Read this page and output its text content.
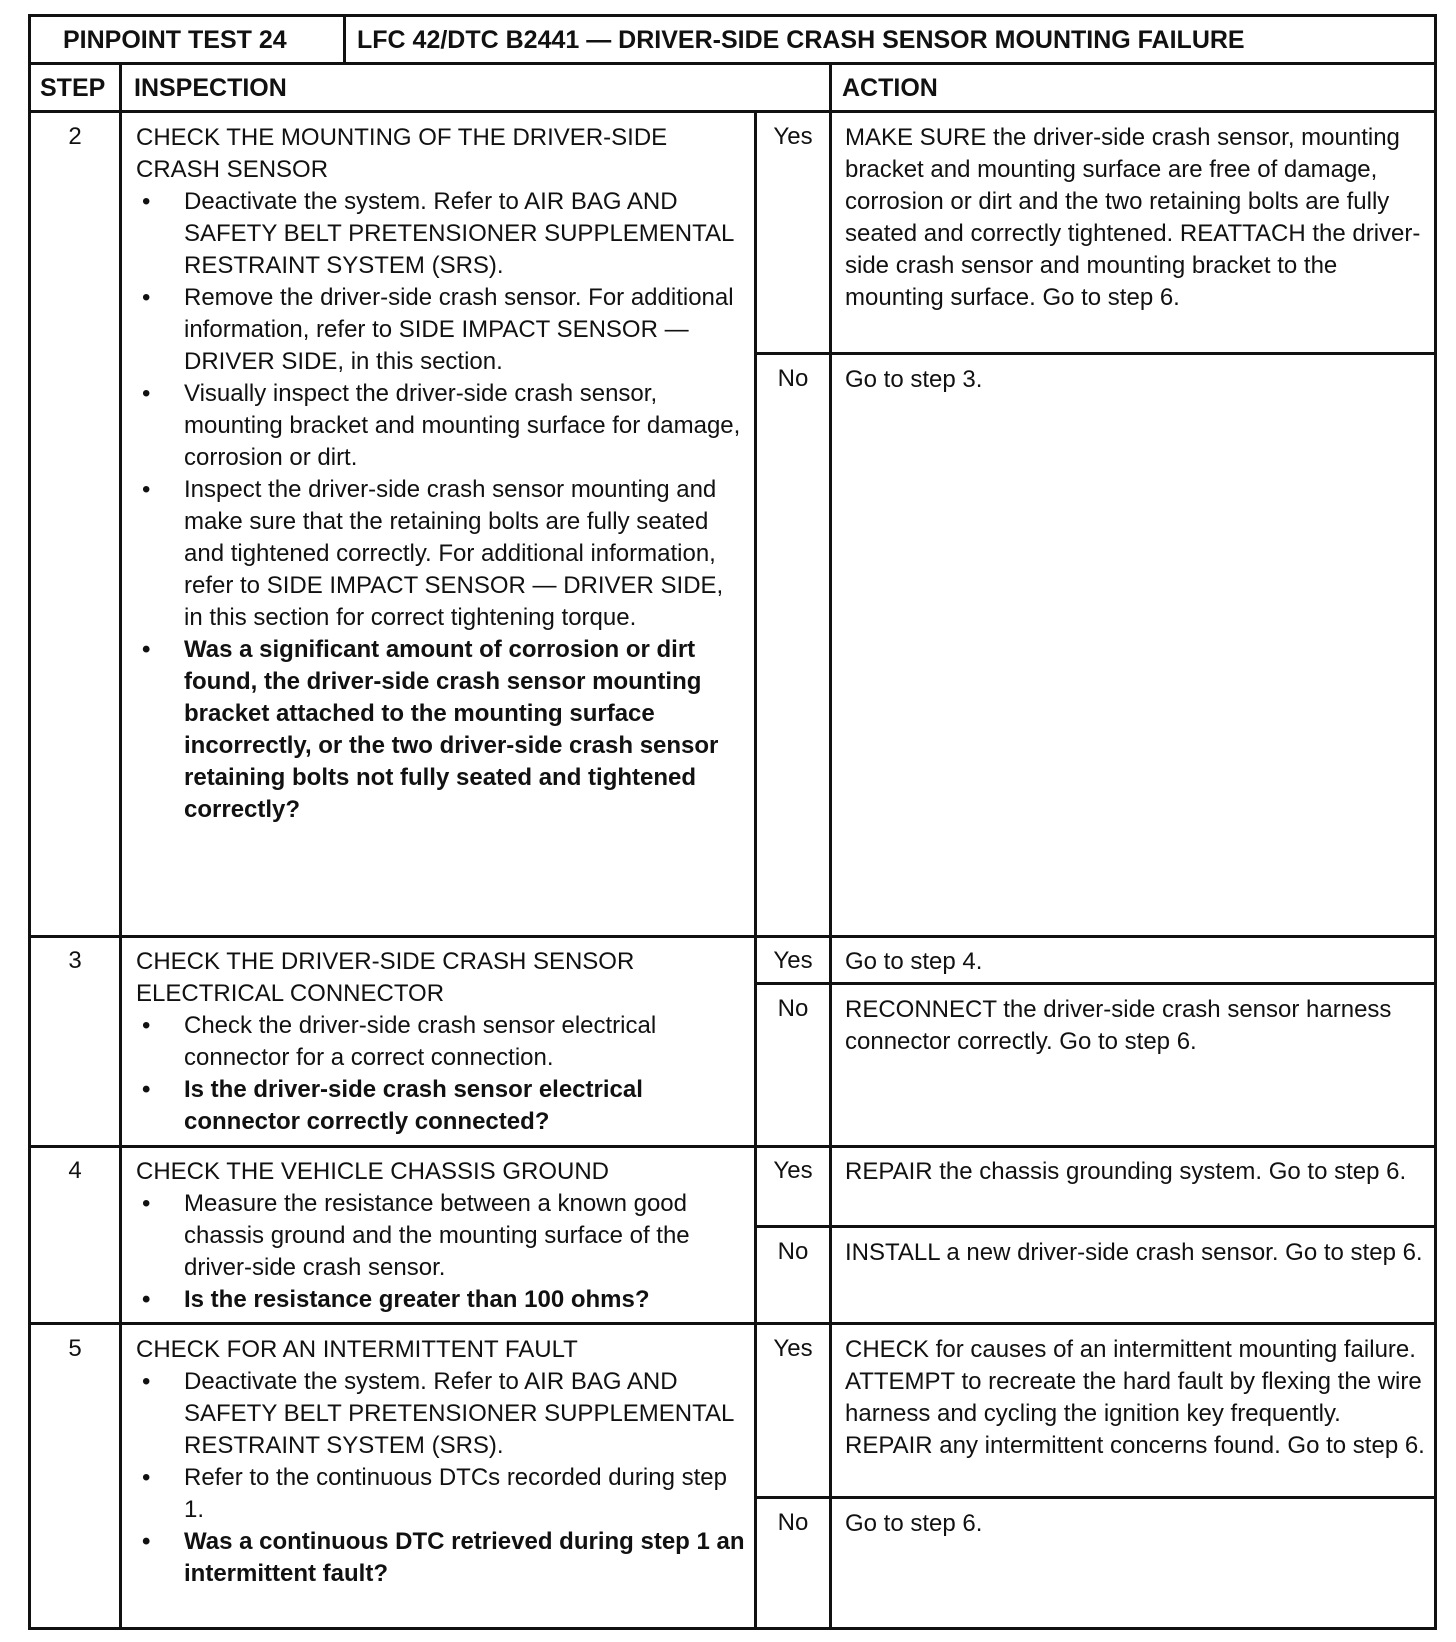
PINPOINT TEST 24	LFC 42/DTC B2441 — DRIVER-SIDE CRASH SENSOR MOUNTING FAILURE
STEP INSPECTION	ACTION
2	CHECK THE MOUNTING OF THE DRIVER-SIDE CRASH SENSOR
• Deactivate the system. Refer to AIR BAG AND SAFETY BELT PRETENSIONER SUPPLEMENTAL RESTRAINT SYSTEM (SRS).
• Remove the driver-side crash sensor. For additional information, refer to SIDE IMPACT SENSOR — DRIVER SIDE, in this section.
• Visually inspect the driver-side crash sensor, mounting bracket and mounting surface for damage, corrosion or dirt.
• Inspect the driver-side crash sensor mounting and make sure that the retaining bolts are fully seated and tightened correctly. For additional information, refer to SIDE IMPACT SENSOR — DRIVER SIDE, in this section for correct tightening torque.
• Was a significant amount of corrosion or dirt found, the driver-side crash sensor mounting bracket attached to the mounting surface incorrectly, or the two driver-side crash sensor retaining bolts not fully seated and tightened correctly?
Yes	MAKE SURE the driver-side crash sensor, mounting bracket and mounting surface are free of damage, corrosion or dirt and the two retaining bolts are fully seated and correctly tightened. REATTACH the driver-side crash sensor and mounting bracket to the mounting surface. Go to step 6.
No	Go to step 3.
3	CHECK THE DRIVER-SIDE CRASH SENSOR ELECTRICAL CONNECTOR
• Check the driver-side crash sensor electrical connector for a correct connection.
• Is the driver-side crash sensor electrical connector correctly connected?
Yes	Go to step 4.
No	RECONNECT the driver-side crash sensor harness connector correctly. Go to step 6.
4	CHECK THE VEHICLE CHASSIS GROUND
• Measure the resistance between a known good chassis ground and the mounting surface of the driver-side crash sensor.
• Is the resistance greater than 100 ohms?
Yes	REPAIR the chassis grounding system. Go to step 6.
No	INSTALL a new driver-side crash sensor. Go to step 6.
5	CHECK FOR AN INTERMITTENT FAULT
• Deactivate the system. Refer to AIR BAG AND SAFETY BELT PRETENSIONER SUPPLEMENTAL RESTRAINT SYSTEM (SRS).
• Refer to the continuous DTCs recorded during step 1.
• Was a continuous DTC retrieved during step 1 an intermittent fault?
Yes	CHECK for causes of an intermittent mounting failure. ATTEMPT to recreate the hard fault by flexing the wire harness and cycling the ignition key frequently. REPAIR any intermittent concerns found. Go to step 6.
No	Go to step 6.
